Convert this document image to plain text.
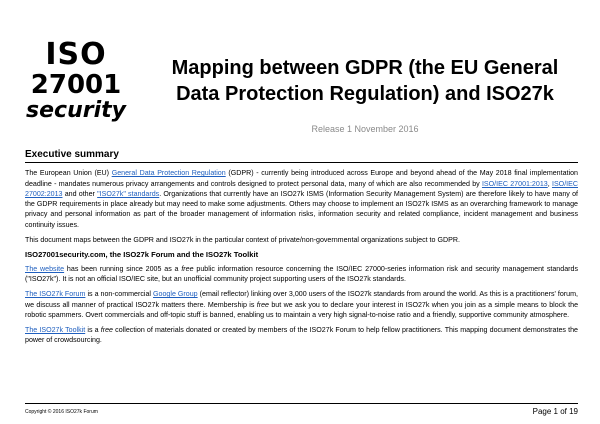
ISO
27001
security
Mapping between GDPR (the EU General
Data Protection Regulation) and ISO27k
Release 1 November 2016
Executive summary

The European Union (EU) General Data Protection Regulation (GDPR) - currently being introduced across Europe and beyond ahead of the May 2018 final implementation deadline - mandates numerous privacy arrangements and controls designed to protect personal data, many of which are also recommended by ISO/IEC 27001:2013, ISO/IEC 27002:2013 and other "ISO27k" standards. Organizations that currently have an ISO27k ISMS (Information Security Management System) are therefore likely to have many of the GDPR requirements in place already but may need to make some adjustments. Others may choose to implement an ISO27k ISMS as an overarching framework to manage privacy and personal information as part of the broader management of information risks, information security and related compliance, incident management and business continuity issues.

This document maps between the GDPR and ISO27k in the particular context of private/non-governmental organizations subject to GDPR.

ISO27001security.com, the ISO27k Forum and the ISO27k Toolkit

The website has been running since 2005 as a free public information resource concerning the ISO/IEC 27000-series information risk and security management standards ("ISO27k"). It is not an official ISO/IEC site, but an unofficial community project supporting users of the ISO27k standards.

The ISO27k Forum is a non-commercial Google Group (email reflector) linking over 3,000 users of the ISO27k standards from around the world. As this is a practitioners' forum, we discuss all manner of practical ISO27k matters there. Membership is free but we ask you to declare your interest in ISO27k when you join as a simple means to block the robotic spammers. Overt commercials and off-topic stuff is banned, enabling us to maintain a very high signal-to-noise ratio and a friendly, supportive community atmosphere.

The ISO27k Toolkit is a free collection of materials donated or created by members of the ISO27k Forum to help fellow practitioners. This mapping document demonstrates the power of crowdsourcing.

Copyright © 2016 ISO27k Forum	Page 1 of 19
